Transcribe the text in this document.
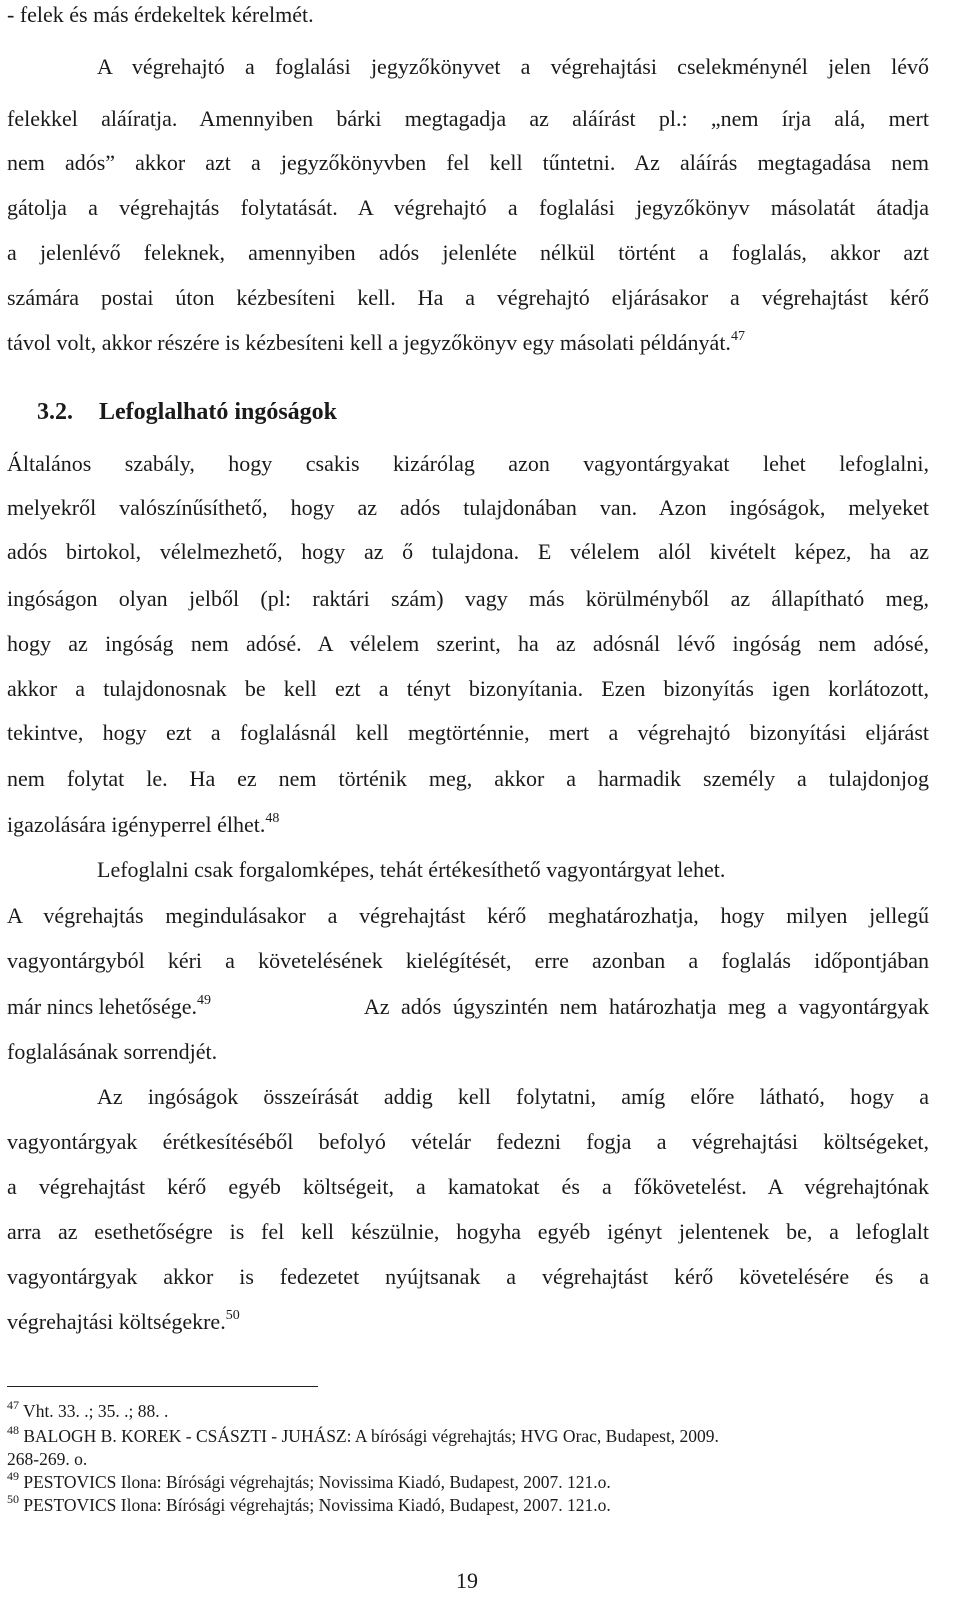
- felek és más érdekeltek kérelmét.
A végrehajtó a foglalási jegyzőkönyvet a végrehajtási cselekménynél jelen lévő
felekkel aláíratja. Amennyiben bárki megtagadja az aláírást pl.: „nem írja alá, mert
nem adós” akkor azt a jegyzőkönyvben fel kell tűntetni. Az aláírás megtagadása nem
gátolja a végrehajtás folytatását. A végrehajtó a foglalási jegyzőkönyv másolatát átadja
a jelenlévő feleknek, amennyiben adós jelenléte nélkül történt a foglalás, akkor azt
számára postai úton kézbesíteni kell. Ha a végrehajtó eljárásakor a végrehajtást kérő
távol volt, akkor részére is kézbesíteni kell a jegyzőkönyv egy másolati példányát.$^{47}$
3.2. Lefoglalható ingóságok
Általános szabály, hogy csakis kizárólag azon vagyontárgyakat lehet lefoglalni,
melyekről valószínűsíthető, hogy az adós tulajdonában van. Azon ingóságok, melyeket
adós birtokol, vélelmezhető, hogy az ő tulajdona. E vélelem alól kivételt képez, ha az
ingóságon olyan jelből (pl: raktári szám) vagy más körülményből az állapítható meg,
hogy az ingóság nem adósé. A vélelem szerint, ha az adósnál lévő ingóság nem adósé,
akkor a tulajdonosnak be kell ezt a tényt bizonyítania. Ezen bizonyítás igen korlátozott,
tekintve, hogy ezt a foglalásnál kell megtörténnie, mert a végrehajtó bizonyítási eljárást
nem folytat le. Ha ez nem történik meg, akkor a harmadik személy a tulajdonjog
igazolására igényperrel élhet.$^{48}$
Lefoglalni csak forgalomképes, tehát értékesíthető vagyontárgyat lehet.
A végrehajtás megindulásakor a végrehajtást kérő meghatározhatja, hogy milyen jellegű
vagyontárgyból kéri a követelésének kielégítését, erre azonban a foglalás időpontjában
már nincs lehetősége.$^{49}$	Az adós úgyszintén nem határozhatja meg a vagyontárgyak
foglalásának sorrendjét.
Az ingóságok összeírását addig kell folytatni, amíg előre látható, hogy a
vagyontárgyak érétkesítéséből befolyó vételár fedezni fogja a végrehajtási költségeket,
a végrehajtást kérő egyéb költségeit, a kamatokat és a főkövetelést. A végrehajtónak
arra az esethetőségre is fel kell készülnie, hogyha egyéb igényt jelentenek be, a lefoglalt
vagyontárgyak akkor is fedezetet nyújtsanak a végrehajtást kérő követelésére és a
végrehajtási költségekre.$^{50}$
$^{47}$ Vht. 33. .; 35. .; 88. .
$^{48}$ BALOGH B. KOREK - CSÁSZTI - JUHÁSZ: A bírósági végrehajtás; HVG Orac, Budapest, 2009.
268-269. o.
$^{49}$ PESTOVICS Ilona: Bírósági végrehajtás; Novissima Kiadó, Budapest, 2007. 121.o.
$^{50}$ PESTOVICS Ilona: Bírósági végrehajtás; Novissima Kiadó, Budapest, 2007. 121.o.
19
